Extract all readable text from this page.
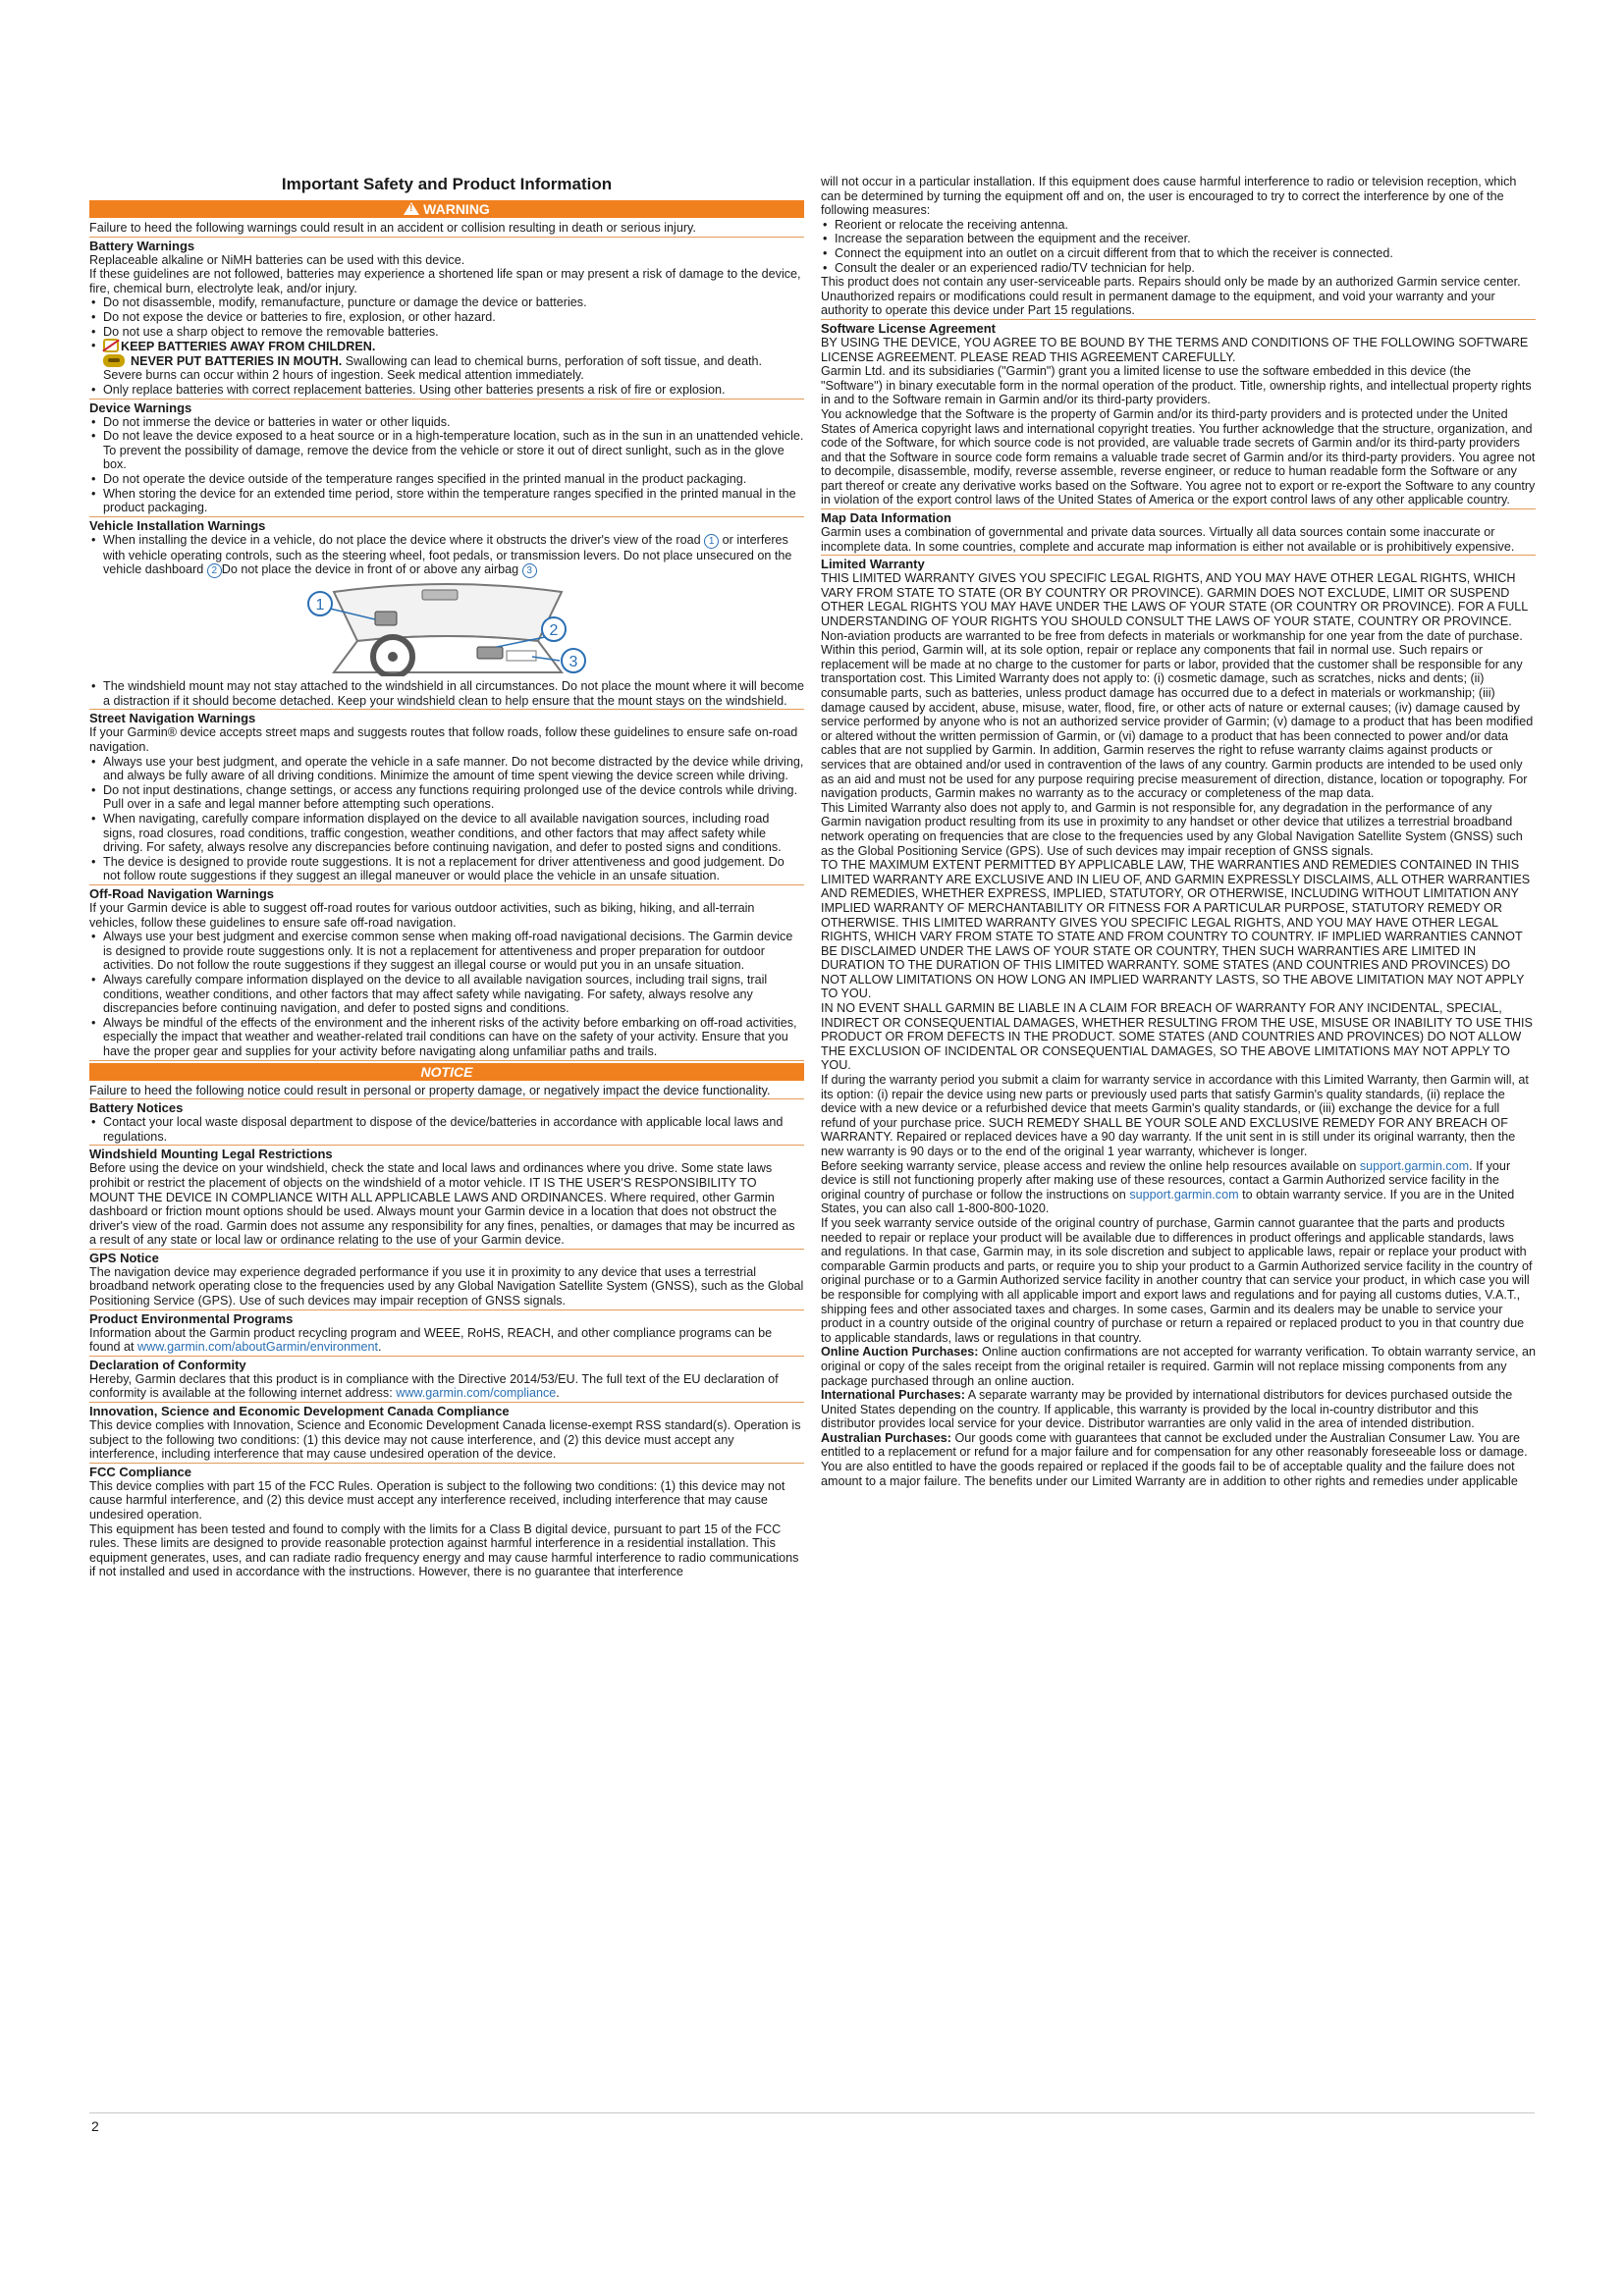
Important Safety and Product Information
!WARNING

Failure to heed the following warnings could result in an accident or collision resulting in death or serious injury.

Battery Warnings

Replaceable alkaline or NiMH batteries can be used with this device.

If these guidelines are not followed, batteries may experience a shortened life span or may present a risk of damage to the device, fire, chemical burn, electrolyte leak, and/or injury.

• Do not disassemble, modify, remanufacture, puncture or damage the device or batteries.
• Do not expose the device or batteries to fire, explosion, or other hazard.
• Do not use a sharp object to remove the removable batteries.
• KEEP BATTERIES AWAY FROM CHILDREN.
NEVER PUT BATTERIES IN MOUTH. Swallowing can lead to chemical burns, perforation of soft tissue, and death. Severe burns can occur within 2 hours of ingestion. Seek medical attention immediately.
• Only replace batteries with correct replacement batteries. Using other batteries presents a risk of fire or explosion.
Device Warnings
• Do not immerse the device or batteries in water or other liquids.
• Do not leave the device exposed to a heat source or in a high-temperature location, such as in the sun in an unattended vehicle. To prevent the possibility of damage, remove the device from the vehicle or store it out of direct sunlight, such as in the glove box.
• Do not operate the device outside of the temperature ranges specified in the printed manual in the product packaging.
• When storing the device for an extended time period, store within the temperature ranges specified in the printed manual in the product packaging.
Vehicle Installation Warnings
• When installing the device in a vehicle, do not place the device where it obstructs the driver's view of the road 1 or interferes with vehicle operating controls, such as the steering wheel, foot pedals, or transmission levers. Do not place unsecured on the vehicle dashboard 2 Do not place the device in front of or above any airbag 3
1
2
3
• The windshield mount may not stay attached to the windshield in all circumstances. Do not place the mount where it will become a distraction if it should become detached. Keep your windshield clean to help ensure that the mount stays on the windshield.
Street Navigation Warnings

If your Garmin® device accepts street maps and suggests routes that follow roads, follow these guidelines to ensure safe on-road navigation.

• Always use your best judgment, and operate the vehicle in a safe manner. Do not become distracted by the device while driving, and always be fully aware of all driving conditions. Minimize the amount of time spent viewing the device screen while driving.
• Do not input destinations, change settings, or access any functions requiring prolonged use of the device controls while driving. Pull over in a safe and legal manner before attempting such operations.
• When navigating, carefully compare information displayed on the device to all available navigation sources, including road signs, road closures, road conditions, traffic congestion, weather conditions, and other factors that may affect safety while driving. For safety, always resolve any discrepancies before continuing navigation, and defer to posted signs and conditions.
• The device is designed to provide route suggestions. It is not a replacement for driver attentiveness and good judgement. Do not follow route suggestions if they suggest an illegal maneuver or would place the vehicle in an unsafe situation.
Off-Road Navigation Warnings

If your Garmin device is able to suggest off-road routes for various outdoor activities, such as biking, hiking, and all-terrain vehicles, follow these guidelines to ensure safe off-road navigation.

• Always use your best judgment and exercise common sense when making off-road navigational decisions. The Garmin device is designed to provide route suggestions only. It is not a replacement for attentiveness and proper preparation for outdoor activities. Do not follow the route suggestions if they suggest an illegal course or would put you in an unsafe situation.
• Always carefully compare information displayed on the device to all available navigation sources, including trail signs, trail conditions, weather conditions, and other factors that may affect safety while navigating. For safety, always resolve any discrepancies before continuing navigation, and defer to posted signs and conditions.
• Always be mindful of the effects of the environment and the inherent risks of the activity before embarking on off-road activities, especially the impact that weather and weather-related trail conditions can have on the safety of your activity. Ensure that you have the proper gear and supplies for your activity before navigating along unfamiliar paths and trails.
NOTICE

Failure to heed the following notice could result in personal or property damage, or negatively impact the device functionality.

Battery Notices
• Contact your local waste disposal department to dispose of the device/batteries in accordance with applicable local laws and regulations.
Windshield Mounting Legal Restrictions

Before using the device on your windshield, check the state and local laws and ordinances where you drive. Some state laws prohibit or restrict the placement of objects on the windshield of a motor vehicle. IT IS THE USER'S RESPONSIBILITY TO MOUNT THE DEVICE IN COMPLIANCE WITH ALL APPLICABLE LAWS AND ORDINANCES. Where required, other Garmin dashboard or friction mount options should be used. Always mount your Garmin device in a location that does not obstruct the driver's view of the road. Garmin does not assume any responsibility for any fines, penalties, or damages that may be incurred as a result of any state or local law or ordinance relating to the use of your Garmin device.

GPS Notice

The navigation device may experience degraded performance if you use it in proximity to any device that uses a terrestrial broadband network operating close to the frequencies used by any Global Navigation Satellite System (GNSS), such as the Global Positioning Service (GPS). Use of such devices may impair reception of GNSS signals.

Product Environmental Programs

Information about the Garmin product recycling program and WEEE, RoHS, REACH, and other compliance programs can be found at www.garmin.com/aboutGarmin/environment.

Declaration of Conformity

Hereby, Garmin declares that this product is in compliance with the Directive 2014/53/EU. The full text of the EU declaration of conformity is available at the following internet address: www.garmin.com/compliance.

Innovation, Science and Economic Development Canada Compliance

This device complies with Innovation, Science and Economic Development Canada license-exempt RSS standard(s). Operation is subject to the following two conditions: (1) this device may not cause interference, and (2) this device must accept any interference, including interference that may cause undesired operation of the device.

FCC Compliance

This device complies with part 15 of the FCC Rules. Operation is subject to the following two conditions: (1) this device may not cause harmful interference, and (2) this device must accept any interference received, including interference that may cause undesired operation.

This equipment has been tested and found to comply with the limits for a Class B digital device, pursuant to part 15 of the FCC rules. These limits are designed to provide reasonable protection against harmful interference in a residential installation. This equipment generates, uses, and can radiate radio frequency energy and may cause harmful interference to radio communications if not installed and used in accordance with the instructions. However, there is no guarantee that interference

will not occur in a particular installation. If this equipment does cause harmful interference to radio or television reception, which can be determined by turning the equipment off and on, the user is encouraged to try to correct the interference by one of the following measures:

• Reorient or relocate the receiving antenna.
• Increase the separation between the equipment and the receiver.
• Connect the equipment into an outlet on a circuit different from that to which the receiver is connected.
• Consult the dealer or an experienced radio/TV technician for help.

This product does not contain any user-serviceable parts. Repairs should only be made by an authorized Garmin service center. Unauthorized repairs or modifications could result in permanent damage to the equipment, and void your warranty and your authority to operate this device under Part 15 regulations.

Software License Agreement

BY USING THE DEVICE, YOU AGREE TO BE BOUND BY THE TERMS AND CONDITIONS OF THE FOLLOWING SOFTWARE LICENSE AGREEMENT. PLEASE READ THIS AGREEMENT CAREFULLY.

Garmin Ltd. and its subsidiaries ("Garmin") grant you a limited license to use the software embedded in this device (the "Software") in binary executable form in the normal operation of the product. Title, ownership rights, and intellectual property rights in and to the Software remain in Garmin and/or its third-party providers.

You acknowledge that the Software is the property of Garmin and/or its third-party providers and is protected under the United States of America copyright laws and international copyright treaties. You further acknowledge that the structure, organization, and code of the Software, for which source code is not provided, are valuable trade secrets of Garmin and/or its third-party providers and that the Software in source code form remains a valuable trade secret of Garmin and/or its third-party providers. You agree not to decompile, disassemble, modify, reverse assemble, reverse engineer, or reduce to human readable form the Software or any part thereof or create any derivative works based on the Software. You agree not to export or re-export the Software to any country in violation of the export control laws of the United States of America or the export control laws of any other applicable country.

Map Data Information

Garmin uses a combination of governmental and private data sources. Virtually all data sources contain some inaccurate or incomplete data. In some countries, complete and accurate map information is either not available or is prohibitively expensive.

Limited Warranty

THIS LIMITED WARRANTY GIVES YOU SPECIFIC LEGAL RIGHTS, AND YOU MAY HAVE OTHER LEGAL RIGHTS, WHICH VARY FROM STATE TO STATE (OR BY COUNTRY OR PROVINCE). GARMIN DOES NOT EXCLUDE, LIMIT OR SUSPEND OTHER LEGAL RIGHTS YOU MAY HAVE UNDER THE LAWS OF YOUR STATE (OR COUNTRY OR PROVINCE). FOR A FULL UNDERSTANDING OF YOUR RIGHTS YOU SHOULD CONSULT THE LAWS OF YOUR STATE, COUNTRY OR PROVINCE.

Non-aviation products are warranted to be free from defects in materials or workmanship for one year from the date of purchase. Within this period, Garmin will, at its sole option, repair or replace any components that fail in normal use. Such repairs or replacement will be made at no charge to the customer for parts or labor, provided that the customer shall be responsible for any transportation cost. This Limited Warranty does not apply to: (i) cosmetic damage, such as scratches, nicks and dents; (ii) consumable parts, such as batteries, unless product damage has occurred due to a defect in materials or workmanship; (iii) damage caused by accident, abuse, misuse, water, flood, fire, or other acts of nature or external causes; (iv) damage caused by service performed by anyone who is not an authorized service provider of Garmin; (v) damage to a product that has been modified or altered without the written permission of Garmin, or (vi) damage to a product that has been connected to power and/or data cables that are not supplied by Garmin. In addition, Garmin reserves the right to refuse warranty claims against products or services that are obtained and/or used in contravention of the laws of any country. Garmin products are intended to be used only as an aid and must not be used for any purpose requiring precise measurement of direction, distance, location or topography. For navigation products, Garmin makes no warranty as to the accuracy or completeness of the map data.

This Limited Warranty also does not apply to, and Garmin is not responsible for, any degradation in the performance of any Garmin navigation product resulting from its use in proximity to any handset or other device that utilizes a terrestrial broadband network operating on frequencies that are close to the frequencies used by any Global Navigation Satellite System (GNSS) such as the Global Positioning Service (GPS). Use of such devices may impair reception of GNSS signals.

TO THE MAXIMUM EXTENT PERMITTED BY APPLICABLE LAW, THE WARRANTIES AND REMEDIES CONTAINED IN THIS LIMITED WARRANTY ARE EXCLUSIVE AND IN LIEU OF, AND GARMIN EXPRESSLY DISCLAIMS, ALL OTHER WARRANTIES AND REMEDIES, WHETHER EXPRESS, IMPLIED, STATUTORY, OR OTHERWISE, INCLUDING WITHOUT LIMITATION ANY IMPLIED WARRANTY OF MERCHANTABILITY OR FITNESS FOR A PARTICULAR PURPOSE, STATUTORY REMEDY OR OTHERWISE. THIS LIMITED WARRANTY GIVES YOU SPECIFIC LEGAL RIGHTS, AND YOU MAY HAVE OTHER LEGAL RIGHTS, WHICH VARY FROM STATE TO STATE AND FROM COUNTRY TO COUNTRY. IF IMPLIED WARRANTIES CANNOT BE DISCLAIMED UNDER THE LAWS OF YOUR STATE OR COUNTRY, THEN SUCH WARRANTIES ARE LIMITED IN DURATION TO THE DURATION OF THIS LIMITED WARRANTY. SOME STATES (AND COUNTRIES AND PROVINCES) DO NOT ALLOW LIMITATIONS ON HOW LONG AN IMPLIED WARRANTY LASTS, SO THE ABOVE LIMITATION MAY NOT APPLY TO YOU.

IN NO EVENT SHALL GARMIN BE LIABLE IN A CLAIM FOR BREACH OF WARRANTY FOR ANY INCIDENTAL, SPECIAL, INDIRECT OR CONSEQUENTIAL DAMAGES, WHETHER RESULTING FROM THE USE, MISUSE OR INABILITY TO USE THIS PRODUCT OR FROM DEFECTS IN THE PRODUCT. SOME STATES (AND COUNTRIES AND PROVINCES) DO NOT ALLOW THE EXCLUSION OF INCIDENTAL OR CONSEQUENTIAL DAMAGES, SO THE ABOVE LIMITATIONS MAY NOT APPLY TO YOU.

If during the warranty period you submit a claim for warranty service in accordance with this Limited Warranty, then Garmin will, at its option: (i) repair the device using new parts or previously used parts that satisfy Garmin's quality standards, (ii) replace the device with a new device or a refurbished device that meets Garmin's quality standards, or (iii) exchange the device for a full refund of your purchase price. SUCH REMEDY SHALL BE YOUR SOLE AND EXCLUSIVE REMEDY FOR ANY BREACH OF WARRANTY. Repaired or replaced devices have a 90 day warranty. If the unit sent in is still under its original warranty, then the new warranty is 90 days or to the end of the original 1 year warranty, whichever is longer.

Before seeking warranty service, please access and review the online help resources available on support.garmin.com. If your device is still not functioning properly after making use of these resources, contact a Garmin Authorized service facility in the original country of purchase or follow the instructions on support.garmin.com to obtain warranty service. If you are in the United States, you can also call 1-800-800-1020.

If you seek warranty service outside of the original country of purchase, Garmin cannot guarantee that the parts and products needed to repair or replace your product will be available due to differences in product offerings and applicable standards, laws and regulations. In that case, Garmin may, in its sole discretion and subject to applicable laws, repair or replace your product with comparable Garmin products and parts, or require you to ship your product to a Garmin Authorized service facility in the country of original purchase or to a Garmin Authorized service facility in another country that can service your product, in which case you will be responsible for complying with all applicable import and export laws and regulations and for paying all customs duties, V.A.T., shipping fees and other associated taxes and charges. In some cases, Garmin and its dealers may be unable to service your product in a country outside of the original country of purchase or return a repaired or replaced product to you in that country due to applicable standards, laws or regulations in that country.

Online Auction Purchases: Online auction confirmations are not accepted for warranty verification. To obtain warranty service, an original or copy of the sales receipt from the original retailer is required. Garmin will not replace missing components from any package purchased through an online auction.

International Purchases: A separate warranty may be provided by international distributors for devices purchased outside the United States depending on the country. If applicable, this warranty is provided by the local in-country distributor and this distributor provides local service for your device. Distributor warranties are only valid in the area of intended distribution.

Australian Purchases: Our goods come with guarantees that cannot be excluded under the Australian Consumer Law. You are entitled to a replacement or refund for a major failure and for compensation for any other reasonably foreseeable loss or damage. You are also entitled to have the goods repaired or replaced if the goods fail to be of acceptable quality and the failure does not amount to a major failure. The benefits under our Limited Warranty are in addition to other rights and remedies under applicable

2
